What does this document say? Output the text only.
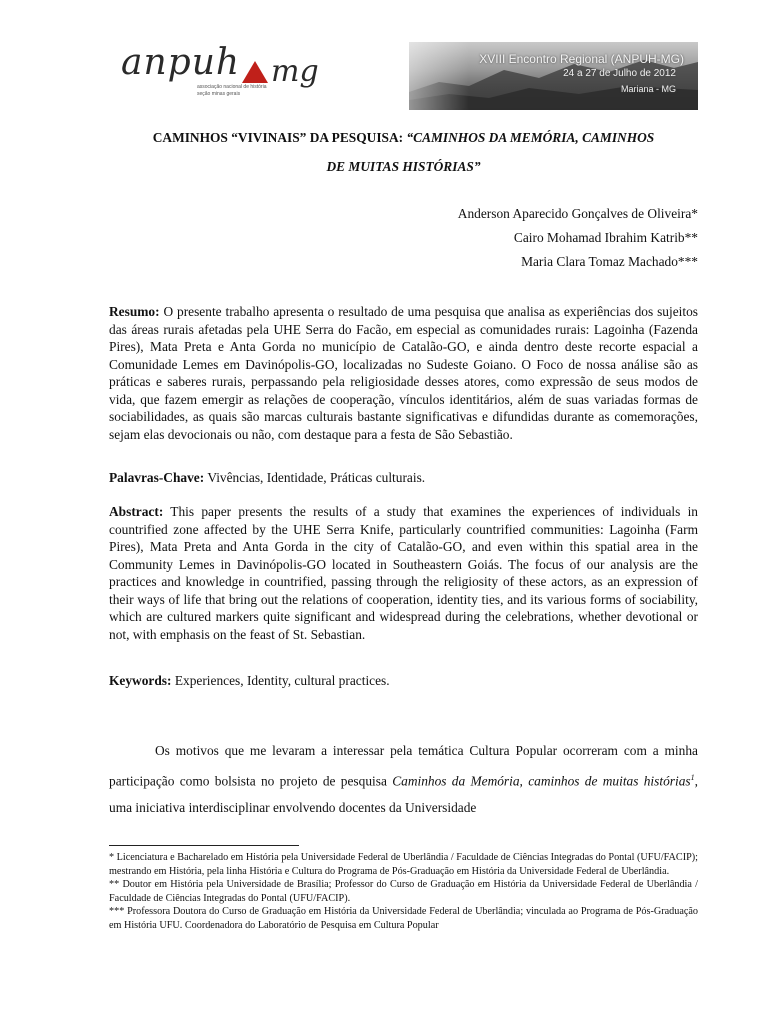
anpuh mg
associação nacional de história
seção minas gerais
XVIII Encontro Regional (ANPUH-MG)
24 a 27 de Julho de 2012
Mariana - MG
CAMINHOS “VIVINAIS” DA PESQUISA: “CAMINHOS DA MEMÓRIA, CAMINHOS
DE MUITAS HISTÓRIAS”
Anderson Aparecido Gonçalves de Oliveira*
Cairo Mohamad Ibrahim Katrib**
Maria Clara Tomaz Machado***
Resumo: O presente trabalho apresenta o resultado de uma pesquisa que analisa as experiências dos sujeitos das áreas rurais afetadas pela UHE Serra do Facão, em especial as comunidades rurais: Lagoinha (Fazenda Pires), Mata Preta e Anta Gorda no município de Catalão-GO, e ainda dentro deste recorte espacial a Comunidade Lemes em Davinópolis-GO, localizadas no Sudeste Goiano. O Foco de nossa análise são as práticas e saberes rurais, perpassando pela religiosidade desses atores, como expressão de seus modos de vida, que fazem emergir as relações de cooperação, vínculos identitários, além de suas variadas formas de sociabilidades, as quais são marcas culturais bastante significativas e difundidas durante as comemorações, sejam elas devocionais ou não, com destaque para a festa de São Sebastião.
Palavras-Chave: Vivências, Identidade, Práticas culturais.
Abstract: This paper presents the results of a study that examines the experiences of individuals in countrified zone affected by the UHE Serra Knife, particularly countrified communities: Lagoinha (Farm Pires), Mata Preta and Anta Gorda in the city of Catalão-GO, and even within this spatial area in the Community Lemes in Davinópolis-GO located in Southeastern Goiás. The focus of our analysis are the practices and knowledge in countrified, passing through the religiosity of these actors, as an expression of their ways of life that bring out the relations of cooperation, identity ties, and its various forms of sociability, which are cultured markers quite significant and widespread during the celebrations, whether devotional or not, with emphasis on the feast of St. Sebastian.
Keywords: Experiences, Identity, cultural practices.
Os motivos que me levaram a interessar pela temática Cultura Popular ocorreram com a minha participação como bolsista no projeto de pesquisa Caminhos da Memória, caminhos de muitas histórias$^1$, uma iniciativa interdisciplinar envolvendo docentes da Universidade

* Licenciatura e Bacharelado em História pela Universidade Federal de Uberlândia / Faculdade de Ciências Integradas do Pontal (UFU/FACIP); mestrando em História, pela linha História e Cultura do Programa de Pós-Graduação em História da Universidade Federal de Uberlândia.

** Doutor em História pela Universidade de Brasília; Professor do Curso de Graduação em História da Universidade Federal de Uberlândia / Faculdade de Ciências Integradas do Pontal (UFU/FACIP).

*** Professora Doutora do Curso de Graduação em História da Universidade Federal de Uberlândia; vinculada ao Programa de Pós-Graduação em História UFU. Coordenadora do Laboratório de Pesquisa em Cultura Popular
